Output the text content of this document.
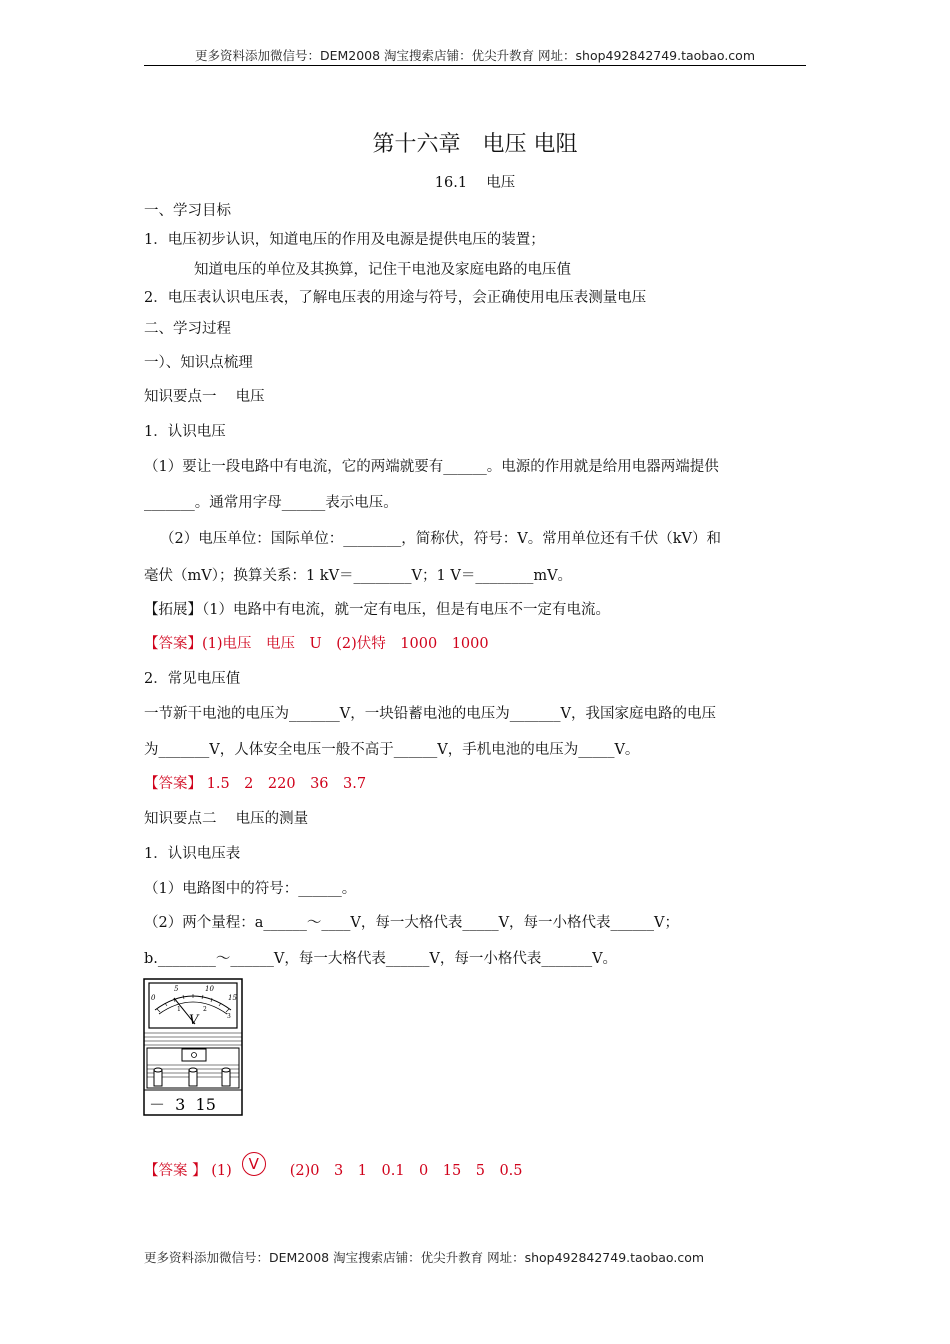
更多资料添加微信号：DEM2008 淘宝搜索店铺：优尖升教育 网址：shop492842749.taobao.com
第十六章　电压 电阻
16.1　 电压
一、学习目标
1．电压初步认识，知道电压的作用及电源是提供电压的装置；
知道电压的单位及其换算，记住干电池及家庭电路的电压值
2．电压表认识电压表，了解电压表的用途与符号，会正确使用电压表测量电压
二、学习过程
一）、知识点梳理
知识要点一　 电压
1．认识电压
（1）要让一段电路中有电流，它的两端就要有______。电源的作用就是给用电器两端提供
_______。通常用字母______表示电压。
（2）电压单位：国际单位：________，简称伏，符号：V。常用单位还有千伏（kV）和
毫伏（mV）；换算关系：1 kV＝________V；1 V＝________mV。
【拓展】（1）电路中有电流，就一定有电压，但是有电压不一定有电流。
【答案】(1)电压　电压　U　(2)伏特　1000　1000
2．常见电压值
一节新干电池的电压为_______V，一块铅蓄电池的电压为_______V，我国家庭电路的电压
为_______V，人体安全电压一般不高于______V，手机电池的电压为_____V。
【答案】 1.5　2　220　36　3.7
知识要点二　 电压的测量
1．认识电压表
（1）电路图中的符号：______。
（2）两个量程：a______～____V，每一大格代表_____V，每一小格代表______V；
b.________～______V，每一大格代表______V，每一小格代表_______V。
0
5	10
15
1	2
3
V
－  3  15
【答案 】 (1) V (2)0　3　1　0.1　0　15　5　0.5
更多资料添加微信号：DEM2008 淘宝搜索店铺：优尖升教育 网址：shop492842749.taobao.com
